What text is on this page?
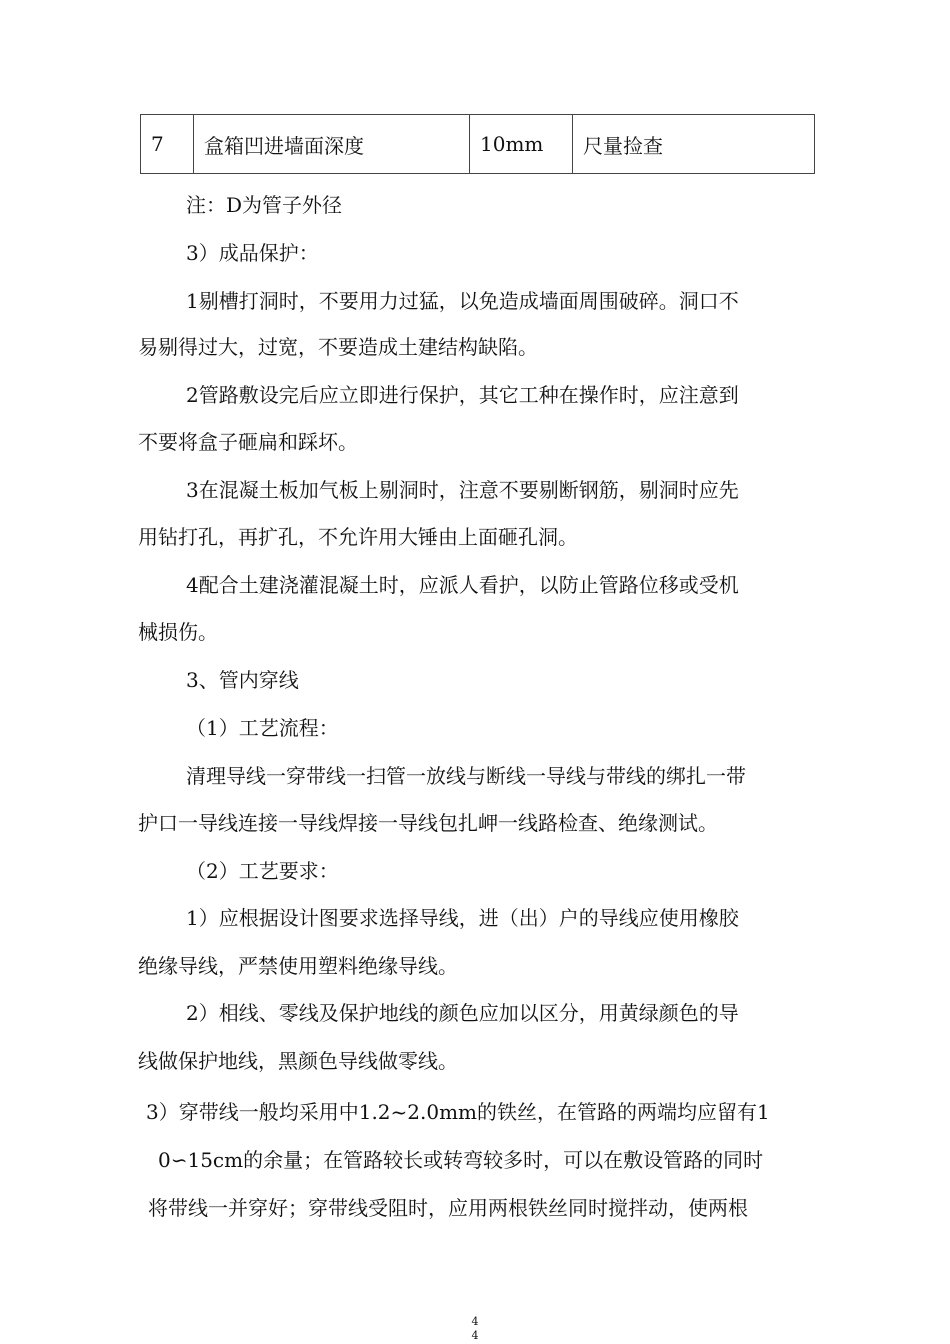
7	盒箱凹进墙面深度	10mm	尺量捡查
注：D为管子外径
3）成品保护：
1剔槽打洞时，不要用力过猛，以免造成墙面周围破碎。洞口不
易剔得过大，过宽，不要造成土建结构缺陷。
2管路敷设完后应立即进行保护，其它工种在操作时，应注意到
不要将盒子砸扁和踩坏。
3在混凝土板加气板上剔洞时，注意不要剔断钢筋，剔洞时应先
用钻打孔，再扩孔，不允许用大锤由上面砸孔洞。
4配合土建浇灌混凝土时，应派人看护，以防止管路位移或受机
械损伤。
3、管内穿线
（1）工艺流程：
清理导线一穿带线一扫管一放线与断线一导线与带线的绑扎一带
护口一导线连接一导线焊接一导线包扎岬一线路检查、绝缘测试。
（2）工艺要求：
1）应根据设计图要求选择导线，进（出）户的导线应使用橡胶
绝缘导线，严禁使用塑料绝缘导线。
2）相线、零线及保护地线的颜色应加以区分，用黄绿颜色的导
线做保护地线，黑颜色导线做零线。
3）穿带线一般均采用中1.2~2.0mm的铁丝，在管路的两端均应留有1
0∽15cm的余量；在管路较长或转弯较多时，可以在敷设管路的同时
将带线一并穿好；穿带线受阻时，应用两根铁丝同时搅拌动，使两根
4
4
